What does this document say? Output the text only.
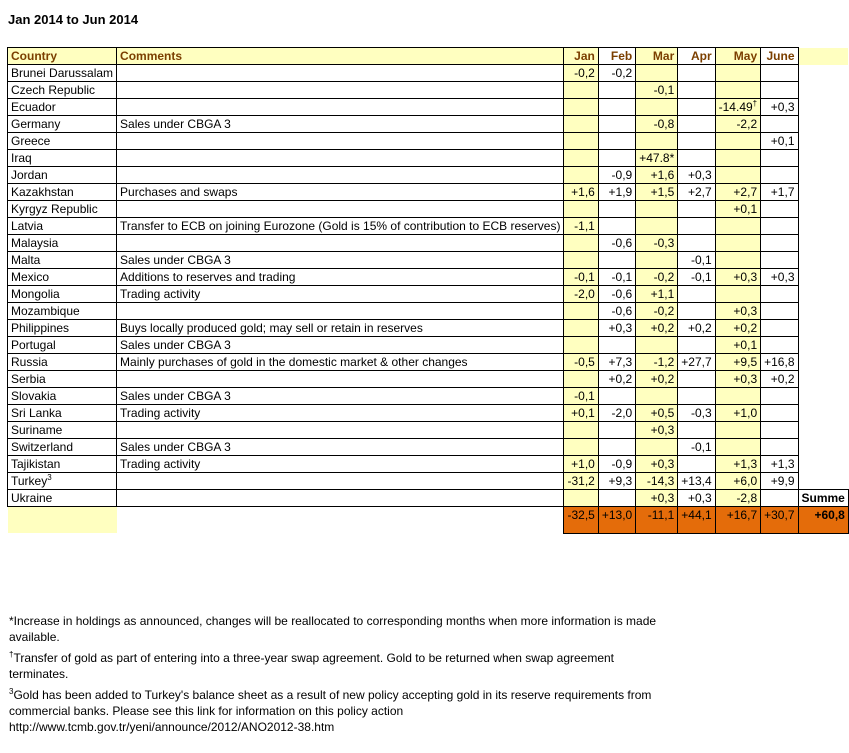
Jan 2014 to Jun 2014
Country	Comments	Jan	Feb	Mar	Apr	May	June	
Brunei Darussalam		-0,2	-0,2					
Czech Republic				-0,1				
Ecuador						-14.49†	+0,3	
Germany	Sales under CBGA 3			-0,8		-2,2		
Greece							+0,1	
Iraq				+47.8*				
Jordan			-0,9	+1,6	+0,3			
Kazakhstan	Purchases and swaps	+1,6	+1,9	+1,5	+2,7	+2,7	+1,7	
Kyrgyz Republic						+0,1		
Latvia	Transfer to ECB on joining Eurozone (Gold is 15% of contribution to ECB reserves)	-1,1						
Malaysia			-0,6	-0,3				
Malta	Sales under CBGA 3				-0,1			
Mexico	Additions to reserves and trading	-0,1	-0,1	-0,2	-0,1	+0,3	+0,3	
Mongolia	Trading activity	-2,0	-0,6	+1,1				
Mozambique			-0,6	-0,2		+0,3		
Philippines	Buys locally produced gold; may sell or retain in reserves		+0,3	+0,2	+0,2	+0,2		
Portugal	Sales under CBGA 3					+0,1		
Russia	Mainly purchases of gold in the domestic market & other changes	-0,5	+7,3	-1,2	+27,7	+9,5	+16,8	
Serbia			+0,2	+0,2		+0,3	+0,2	
Slovakia	Sales under CBGA 3	-0,1						
Sri Lanka	Trading activity	+0,1	-2,0	+0,5	-0,3	+1,0		
Suriname				+0,3				
Switzerland	Sales under CBGA 3				-0,1			
Tajikistan	Trading activity	+1,0	-0,9	+0,3		+1,3	+1,3	
Turkey$^3$		-31,2	+9,3	-14,3	+13,4	+6,0	+9,9	
Ukraine				+0,3	+0,3	-2,8		Summe
		-32,5	+13,0	-11,1	+44,1	+16,7	+30,7	+60,8

*Increase in holdings as announced, changes will be reallocated to corresponding months when more information is made available.

†Transfer of gold as part of entering into a three-year swap agreement. Gold to be returned when swap agreement terminates.

$^3$Gold has been added to Turkey's balance sheet as a result of new policy accepting gold in its reserve requirements from commercial banks. Please see this link for information on this policy action
http://www.tcmb.gov.tr/yeni/announce/2012/ANO2012-38.htm
